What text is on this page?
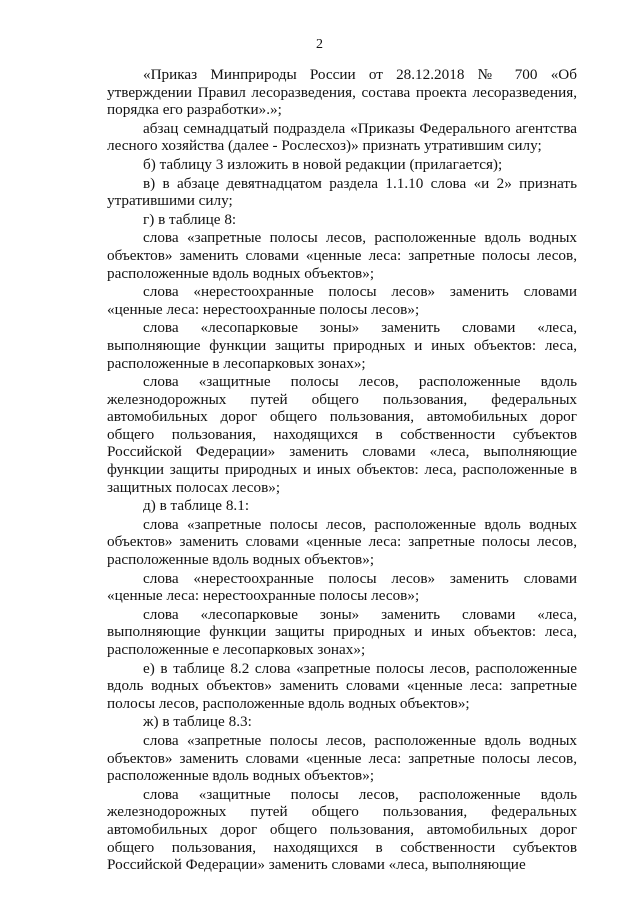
2

«Приказ Минприроды России от 28.12.2018 № 700 «Об утверждении Правил лесоразведения, состава проекта лесоразведения, порядка его разработки».»;

абзац семнадцатый подраздела «Приказы Федерального агентства лесного хозяйства (далее - Рослесхоз)» признать утратившим силу;

б) таблицу 3 изложить в новой редакции (прилагается);

в) в абзаце девятнадцатом раздела 1.1.10 слова «и 2» признать утратившими силу;

г) в таблице 8:

слова «запретные полосы лесов, расположенные вдоль водных объектов» заменить словами «ценные леса: запретные полосы лесов, расположенные вдоль водных объектов»;

слова «нерестоохранные полосы лесов» заменить словами «ценные леса: нерестоохранные полосы лесов»;

слова «лесопарковые зоны» заменить словами «леса, выполняющие функции защиты природных и иных объектов: леса, расположенные в лесопарковых зонах»;

слова «защитные полосы лесов, расположенные вдоль железнодорожных путей общего пользования, федеральных автомобильных дорог общего пользования, автомобильных дорог общего пользования, находящихся в собственности субъектов Российской Федерации» заменить словами «леса, выполняющие функции защиты природных и иных объектов: леса, расположенные в защитных полосах лесов»;

д) в таблице 8.1:

слова «запретные полосы лесов, расположенные вдоль водных объектов» заменить словами «ценные леса: запретные полосы лесов, расположенные вдоль водных объектов»;

слова «нерестоохранные полосы лесов» заменить словами «ценные леса: нерестоохранные полосы лесов»;

слова «лесопарковые зоны» заменить словами «леса, выполняющие функции защиты природных и иных объектов: леса, расположенные е лесопарковых зонах»;

е) в таблице 8.2 слова «запретные полосы лесов, расположенные вдоль водных объектов» заменить словами «ценные леса: запретные полосы лесов, расположенные вдоль водных объектов»;

ж) в таблице 8.3:

слова «запретные полосы лесов, расположенные вдоль водных объектов» заменить словами «ценные леса: запретные полосы лесов, расположенные вдоль водных объектов»;

слова «защитные полосы лесов, расположенные вдоль железнодорожных путей общего пользования, федеральных автомобильных дорог общего пользования, автомобильных дорог общего пользования, находящихся в собственности субъектов Российской Федерации» заменить словами «леса, выполняющие
